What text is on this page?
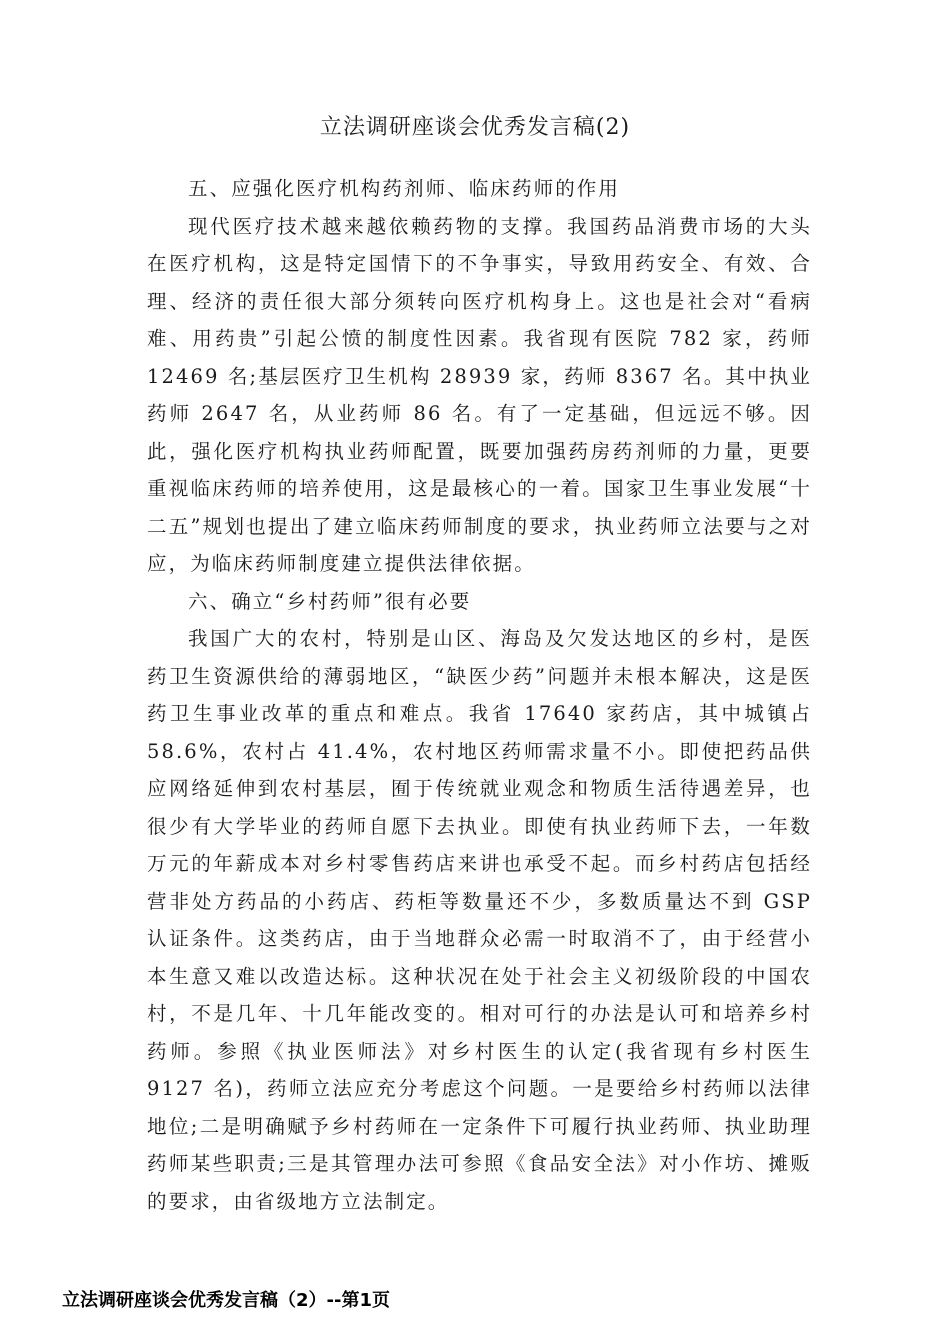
立法调研座谈会优秀发言稿(2)

五、应强化医疗机构药剂师、临床药师的作用

现代医疗技术越来越依赖药物的支撑。我国药品消费市场的大头在医疗机构，这是特定国情下的不争事实，导致用药安全、有效、合理、经济的责任很大部分须转向医疗机构身上。这也是社会对“看病难、用药贵”引起公愤的制度性因素。我省现有医院 782 家，药师 12469 名;基层医疗卫生机构 28939 家，药师 8367 名。其中执业药师 2647 名，从业药师 86 名。有了一定基础，但远远不够。因此，强化医疗机构执业药师配置，既要加强药房药剂师的力量，更要重视临床药师的培养使用，这是最核心的一着。国家卫生事业发展“十二五”规划也提出了建立临床药师制度的要求，执业药师立法要与之对应，为临床药师制度建立提供法律依据。

六、确立“乡村药师”很有必要

我国广大的农村，特别是山区、海岛及欠发达地区的乡村，是医药卫生资源供给的薄弱地区，“缺医少药”问题并未根本解决，这是医药卫生事业改革的重点和难点。我省 17640 家药店，其中城镇占 58.6%，农村占 41.4%，农村地区药师需求量不小。即使把药品供应网络延伸到农村基层，囿于传统就业观念和物质生活待遇差异，也很少有大学毕业的药师自愿下去执业。即使有执业药师下去，一年数万元的年薪成本对乡村零售药店来讲也承受不起。而乡村药店包括经营非处方药品的小药店、药柜等数量还不少，多数质量达不到 GSP 认证条件。这类药店，由于当地群众必需一时取消不了，由于经营小本生意又难以改造达标。这种状况在处于社会主义初级阶段的中国农村，不是几年、十几年能改变的。相对可行的办法是认可和培养乡村药师。参照《执业医师法》对乡村医生的认定(我省现有乡村医生 9127 名)，药师立法应充分考虑这个问题。一是要给乡村药师以法律地位;二是明确赋予乡村药师在一定条件下可履行执业药师、执业助理药师某些职责;三是其管理办法可参照《食品安全法》对小作坊、摊贩的要求，由省级地方立法制定。

立法调研座谈会优秀发言稿（2）--第1页
